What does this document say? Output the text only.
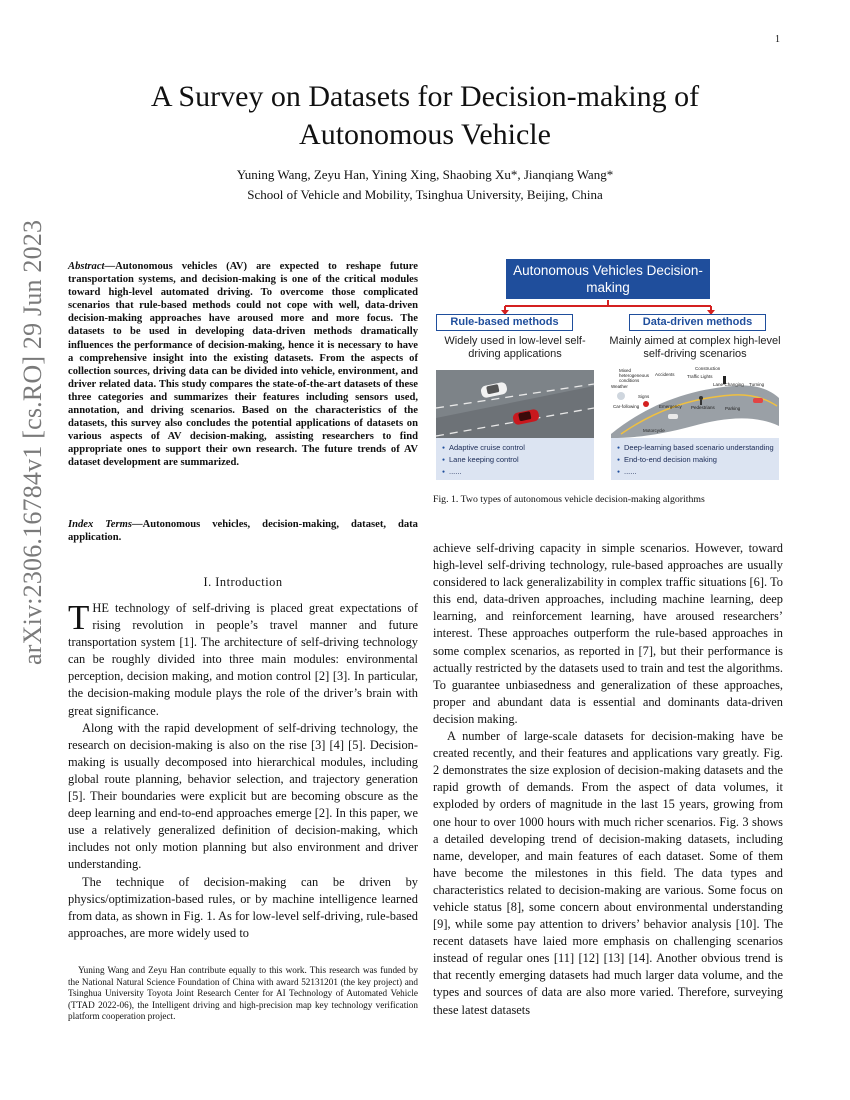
1
arXiv:2306.16784v1 [cs.RO] 29 Jun 2023
A Survey on Datasets for Decision-making of
Autonomous Vehicle
Yuning Wang, Zeyu Han, Yining Xing, Shaobing Xu*, Jianqiang Wang*
School of Vehicle and Mobility, Tsinghua University, Beijing, China
Abstract—Autonomous vehicles (AV) are expected to reshape future transportation systems, and decision-making is one of the critical modules toward high-level automated driving. To overcome those complicated scenarios that rule-based methods could not cope with well, data-driven decision-making approaches have aroused more and more focus. The datasets to be used in developing data-driven methods dramatically influences the performance of decision-making, hence it is necessary to have a comprehensive insight into the existing datasets. From the aspects of collection sources, driving data can be divided into vehicle, environment, and driver related data. This study compares the state-of-the-art datasets of these three categories and summarizes their features including sensors used, annotation, and driving scenarios. Based on the characteristics of the datasets, this survey also concludes the potential applications of datasets on various aspects of AV decision-making, assisting researchers to find appropriate ones to support their own research. The future trends of AV dataset development are summarized.
Index Terms—Autonomous vehicles, decision-making, dataset, data application.
I. Introduction

THE technology of self-driving is placed great expectations of rising revolution in people’s travel manner and future transportation system [1]. The architecture of self-driving technology can be roughly divided into three main modules: environmental perception, decision making, and motion control [2] [3]. In particular, the decision-making module plays the role of the driver’s brain with great significance.

Along with the rapid development of self-driving technology, the research on decision-making is also on the rise [3] [4] [5]. Decision-making is usually decomposed into hierarchical modules, including global route planning, behavior selection, and trajectory generation [5]. Their boundaries were explicit but are becoming obscure as the deep learning and end-to-end approaches emerge [2]. In this paper, we use a relatively generalized definition of decision-making, which includes not only motion planning but also environment and driver understanding.

The technique of decision-making can be driven by physics/optimization-based rules, or by machine intelligence learned from data, as shown in Fig. 1. As for low-level self-driving, rule-based approaches, are more widely used to

Yuning Wang and Zeyu Han contribute equally to this work. This research was funded by the National Natural Science Foundation of China with award 52131201 (the key project) and Tsinghua University Toyota Joint Research Center for AI Technology of Automated Vehicle (TTAD 2022-06), the Intelligent driving and high-precision map key technology verification platform cooperation project.

Autonomous Vehicles Decision-making
Rule-based methods	Data-driven methods
Widely used in low-level self-driving applications
Mainly aimed at complex high-level self-driving scenarios
Construction
Mixed heterogeneous conditions
Accidents	Traffic Lights
Weather	Lane-Changing Turning
Signs
Pedestrians
Car-following	Emergency	Parking
Motorcycle
● Adaptive cruise control
● Lane keeping control
● ......
● Deep-learning based scenario understanding
● End-to-end decision making
● ......
Fig. 1. Two types of autonomous vehicle decision-making algorithms

achieve self-driving capacity in simple scenarios. However, toward high-level self-driving technology, rule-based approaches are usually considered to lack generalizability in complex traffic situations [6]. To this end, data-driven approaches, including machine learning, deep learning, and reinforcement learning, have aroused researchers’ interest. These approaches outperform the rule-based approaches in some complex scenarios, as reported in [7], but their performance is actually restricted by the datasets used to train and test the algorithms. To guarantee unbiasedness and generalization of these approaches, proper and abundant data is essential and dominants data-driven decision making.

A number of large-scale datasets for decision-making have be created recently, and their features and applications vary greatly. Fig. 2 demonstrates the size explosion of decision-making datasets and the rapid growth of demands. From the aspect of data volumes, it exploded by orders of magnitude in the last 15 years, growing from one hour to over 1000 hours with much richer scenarios. Fig. 3 shows a detailed developing trend of decision-making datasets, including name, developer, and main features of each dataset. Some of them have become the milestones in this field. The data types and characteristics related to decision-making are various. Some focus on vehicle status [8], some concern about environmental understanding [9], while some pay attention to drivers’ behavior analysis [10]. The recent datasets have laied more emphasis on challenging scenarios instead of regular ones [11] [12] [13] [14]. Another obvious trend is that recently emerging datasets had much larger data volume, and the types and sources of data are also more varied. Therefore, surveying these latest datasets
